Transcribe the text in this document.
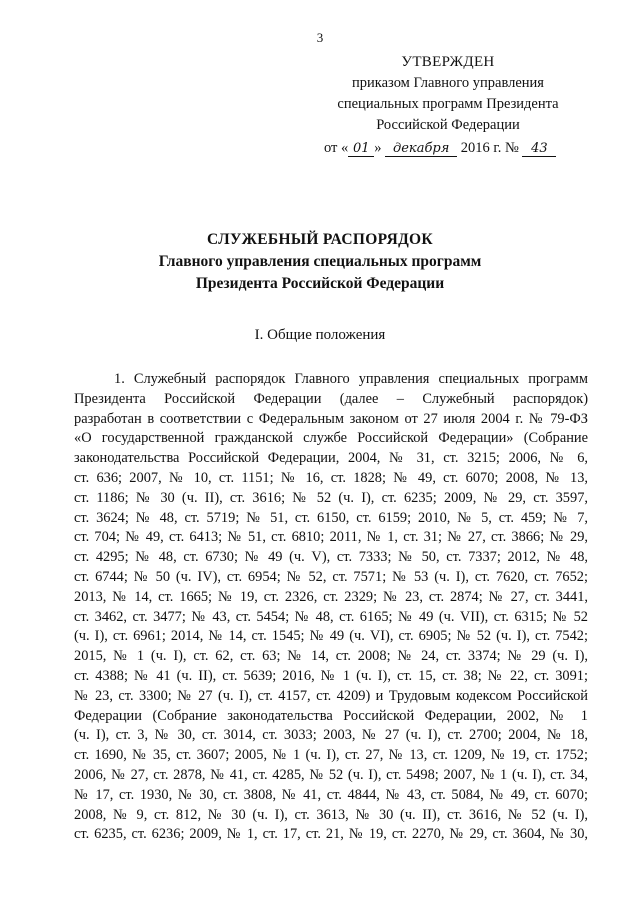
3
УТВЕРЖДЕН
приказом Главного управления
специальных программ Президента
Российской Федерации
от « 01 » декабря 2016 г. № 43
СЛУЖЕБНЫЙ РАСПОРЯДОК
Главного управления специальных программ
Президента Российской Федерации
I. Общие положения
1. Служебный распорядок Главного управления специальных программ
Президента Российской Федерации (далее – Служебный распорядок)
разработан в соответствии с Федеральным законом от 27 июля 2004 г. № 79-ФЗ
«О государственной гражданской службе Российской Федерации» (Собрание
законодательства Российской Федерации, 2004, № 31, ст. 3215; 2006, № 6,
ст. 636; 2007, № 10, ст. 1151; № 16, ст. 1828; № 49, ст. 6070; 2008, № 13,
ст. 1186; № 30 (ч. II), ст. 3616; № 52 (ч. I), ст. 6235; 2009, № 29, ст. 3597,
ст. 3624; № 48, ст. 5719; № 51, ст. 6150, ст. 6159; 2010, № 5, ст. 459; № 7,
ст. 704; № 49, ст. 6413; № 51, ст. 6810; 2011, № 1, ст. 31; № 27, ст. 3866; № 29,
ст. 4295; № 48, ст. 6730; № 49 (ч. V), ст. 7333; № 50, ст. 7337; 2012, № 48,
ст. 6744; № 50 (ч. IV), ст. 6954; № 52, ст. 7571; № 53 (ч. I), ст. 7620, ст. 7652;
2013, № 14, ст. 1665; № 19, ст. 2326, ст. 2329; № 23, ст. 2874; № 27, ст. 3441,
ст. 3462, ст. 3477; № 43, ст. 5454; № 48, ст. 6165; № 49 (ч. VII), ст. 6315; № 52
(ч. I), ст. 6961; 2014, № 14, ст. 1545; № 49 (ч. VI), ст. 6905; № 52 (ч. I), ст. 7542;
2015, № 1 (ч. I), ст. 62, ст. 63; № 14, ст. 2008; № 24, ст. 3374; № 29 (ч. I),
ст. 4388; № 41 (ч. II), ст. 5639; 2016, № 1 (ч. I), ст. 15, ст. 38; № 22, ст. 3091;
№ 23, ст. 3300; № 27 (ч. I), ст. 4157, ст. 4209) и Трудовым кодексом Российской
Федерации (Собрание законодательства Российской Федерации, 2002, № 1
(ч. I), ст. 3, № 30, ст. 3014, ст. 3033; 2003, № 27 (ч. I), ст. 2700; 2004, № 18,
ст. 1690, № 35, ст. 3607; 2005, № 1 (ч. I), ст. 27, № 13, ст. 1209, № 19, ст. 1752;
2006, № 27, ст. 2878, № 41, ст. 4285, № 52 (ч. I), ст. 5498; 2007, № 1 (ч. I), ст. 34,
№ 17, ст. 1930, № 30, ст. 3808, № 41, ст. 4844, № 43, ст. 5084, № 49, ст. 6070;
2008, № 9, ст. 812, № 30 (ч. I), ст. 3613, № 30 (ч. II), ст. 3616, № 52 (ч. I),
ст. 6235, ст. 6236; 2009, № 1, ст. 17, ст. 21, № 19, ст. 2270, № 29, ст. 3604, № 30,
